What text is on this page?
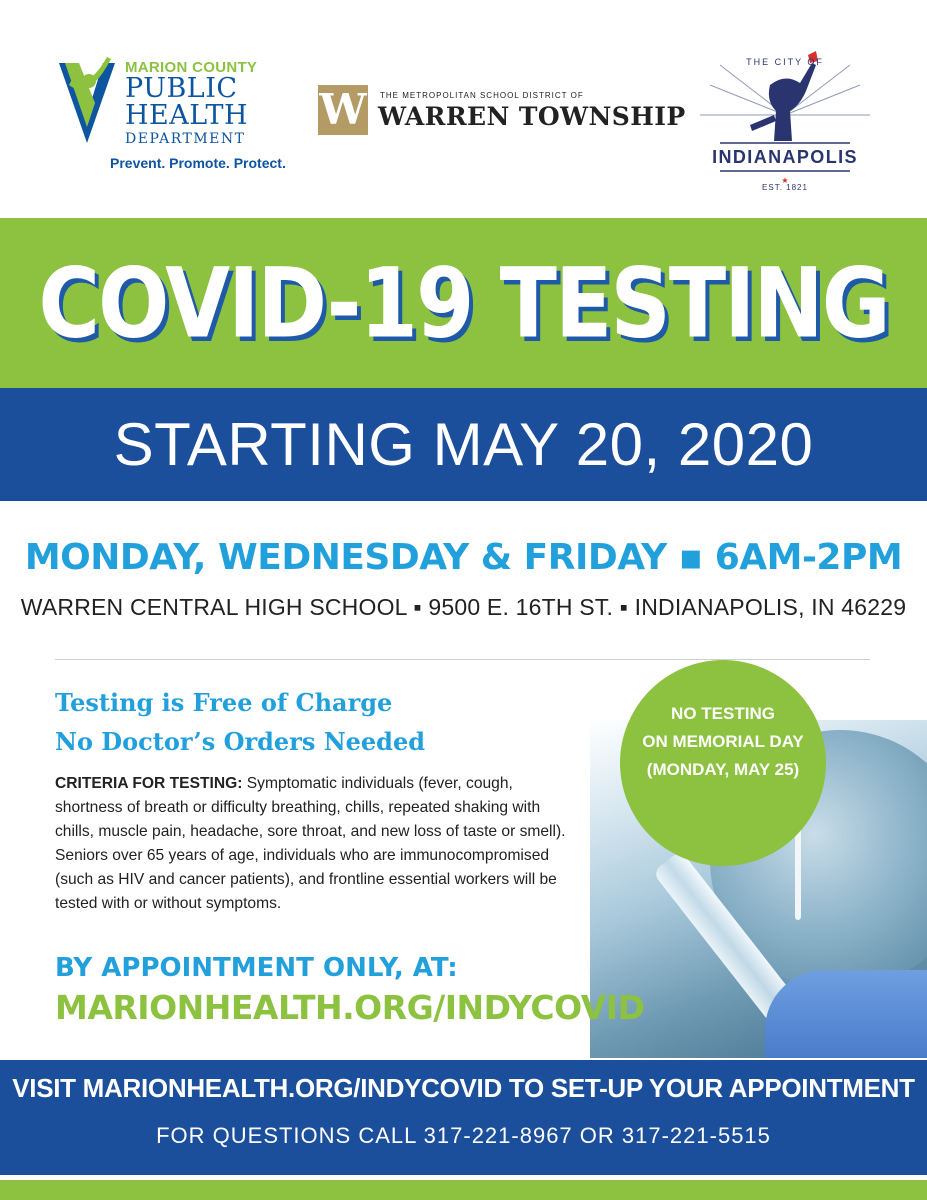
MARION COUNTY
PUBLIC
HEALTH
DEPARTMENT
Prevent. Promote. Protect.
W THE METROPOLITAN SCHOOL DISTRICT OF
WARREN TOWNSHIP
★
THE CITY OF
INDIANAPOLIS
EST. 1821
COVID-19 TESTING
STARTING MAY 20, 2020
MONDAY, WEDNESDAY & FRIDAY ▪ 6AM-2PM
WARREN CENTRAL HIGH SCHOOL ▪ 9500 E. 16TH ST. ▪ INDIANAPOLIS, IN 46229
NO TESTING
ON MEMORIAL DAY
(MONDAY, MAY 25)
Testing is Free of Charge
No Doctor’s Orders Needed
CRITERIA FOR TESTING: Symptomatic individuals (fever, cough, shortness of breath or difficulty breathing, chills, repeated shaking with chills, muscle pain, headache, sore throat, and new loss of taste or smell). Seniors over 65 years of age, individuals who are immunocompromised (such as HIV and cancer patients), and frontline essential workers will be tested with or without symptoms.
BY APPOINTMENT ONLY, AT:
MARIONHEALTH.ORG/INDYCOVID
VISIT MARIONHEALTH.ORG/INDYCOVID TO SET-UP YOUR APPOINTMENT
FOR QUESTIONS CALL 317-221-8967 OR 317-221-5515
